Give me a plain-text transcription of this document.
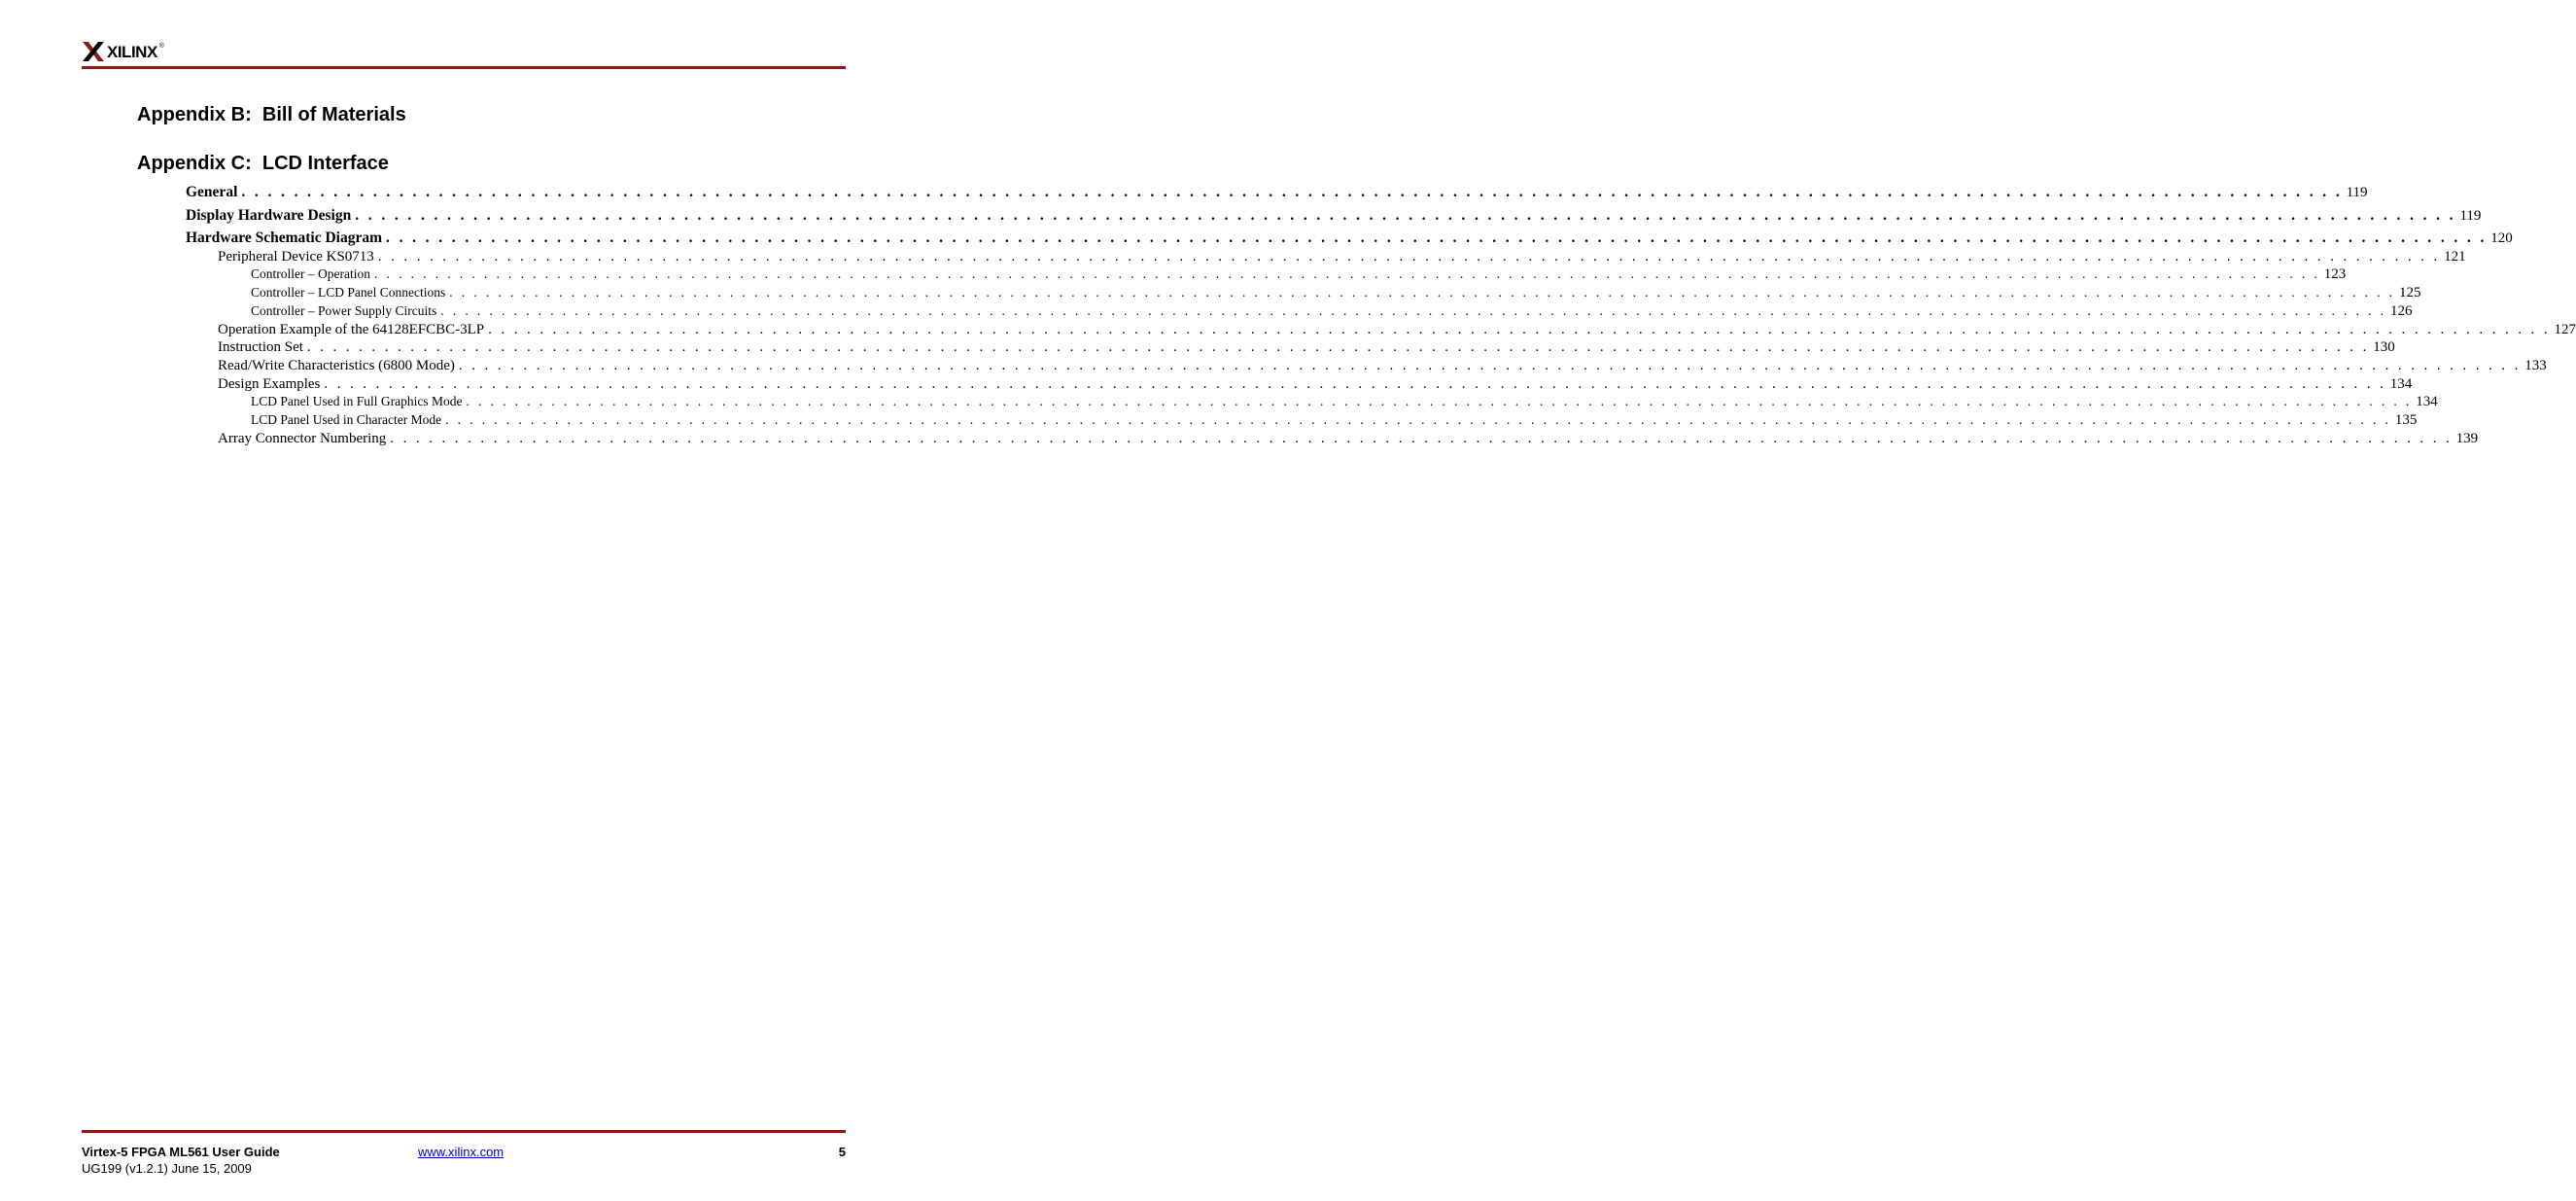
XILINX ®
Appendix B:  Bill of Materials
Appendix C:  LCD Interface
General . . . . . . . . . . . . . . . . . . . . . . . . . . . . . . . . . . . . . . . . . . . . . . . . . . . . . . . . . . . . . . . . . . . . . . . . . . . . . . . . . . . . . . . . . . . . . . . . . . . . . . . . . . . . . . . . . . . . . . . . . . . . . . . . . . . . . . . . . . . . . . . . . . . . . . . . . . . . . . . . 119
Display Hardware Design . . . . . . . . . . . . . . . . . . . . . . . . . . . . . . . . . . . . . . . . . . . . . . . . . . . . . . . . . . . . . . . . . . . . . . . . . . . . . . . . . . . . . . . . . . . . . . . . . . . . . . . . . . . . . . . . . . . . . . . . . . . . . . . . . . . . . . . . . . . . . . . . . . . . . . . . . . . . . . . . 119
Hardware Schematic Diagram . . . . . . . . . . . . . . . . . . . . . . . . . . . . . . . . . . . . . . . . . . . . . . . . . . . . . . . . . . . . . . . . . . . . . . . . . . . . . . . . . . . . . . . . . . . . . . . . . . . . . . . . . . . . . . . . . . . . . . . . . . . . . . . . . . . . . . . . . . . . . . . . . . . . . . . . . . . . . . . . 120
Peripheral Device KS0713 . . . . . . . . . . . . . . . . . . . . . . . . . . . . . . . . . . . . . . . . . . . . . . . . . . . . . . . . . . . . . . . . . . . . . . . . . . . . . . . . . . . . . . . . . . . . . . . . . . . . . . . . . . . . . . . . . . . . . . . . . . . . . . . . . . . . . . . . . . . . . . . . . . . . . . . . . . . . . . . . 121
Controller – Operation . . . . . . . . . . . . . . . . . . . . . . . . . . . . . . . . . . . . . . . . . . . . . . . . . . . . . . . . . . . . . . . . . . . . . . . . . . . . . . . . . . . . . . . . . . . . . . . . . . . . . . . . . . . . . . . . . . . . . . . . . . . . . . . . . . . . . . . . . . . . . . . . . . . . . . . . . . . . . . . . 123
Controller – LCD Panel Connections . . . . . . . . . . . . . . . . . . . . . . . . . . . . . . . . . . . . . . . . . . . . . . . . . . . . . . . . . . . . . . . . . . . . . . . . . . . . . . . . . . . . . . . . . . . . . . . . . . . . . . . . . . . . . . . . . . . . . . . . . . . . . . . . . . . . . . . . . . . . . . . . . . . . . . . . . . . . . . . . 125
Controller – Power Supply Circuits . . . . . . . . . . . . . . . . . . . . . . . . . . . . . . . . . . . . . . . . . . . . . . . . . . . . . . . . . . . . . . . . . . . . . . . . . . . . . . . . . . . . . . . . . . . . . . . . . . . . . . . . . . . . . . . . . . . . . . . . . . . . . . . . . . . . . . . . . . . . . . . . . . . . . . . . . . . . . . . . 126
Operation Example of the 64128EFCBC-3LP . . . . . . . . . . . . . . . . . . . . . . . . . . . . . . . . . . . . . . . . . . . . . . . . . . . . . . . . . . . . . . . . . . . . . . . . . . . . . . . . . . . . . . . . . . . . . . . . . . . . . . . . . . . . . . . . . . . . . . . . . . . . . . . . . . . . . . . . . . . . . . . . . . . . . . . . . . . . . . . . 127
Instruction Set . . . . . . . . . . . . . . . . . . . . . . . . . . . . . . . . . . . . . . . . . . . . . . . . . . . . . . . . . . . . . . . . . . . . . . . . . . . . . . . . . . . . . . . . . . . . . . . . . . . . . . . . . . . . . . . . . . . . . . . . . . . . . . . . . . . . . . . . . . . . . . . . . . . . . . . . . . . . . . . . 130
Read/Write Characteristics (6800 Mode) . . . . . . . . . . . . . . . . . . . . . . . . . . . . . . . . . . . . . . . . . . . . . . . . . . . . . . . . . . . . . . . . . . . . . . . . . . . . . . . . . . . . . . . . . . . . . . . . . . . . . . . . . . . . . . . . . . . . . . . . . . . . . . . . . . . . . . . . . . . . . . . . . . . . . . . . . . . . . . . . 133
Design Examples . . . . . . . . . . . . . . . . . . . . . . . . . . . . . . . . . . . . . . . . . . . . . . . . . . . . . . . . . . . . . . . . . . . . . . . . . . . . . . . . . . . . . . . . . . . . . . . . . . . . . . . . . . . . . . . . . . . . . . . . . . . . . . . . . . . . . . . . . . . . . . . . . . . . . . . . . . . . . . . . 134
LCD Panel Used in Full Graphics Mode . . . . . . . . . . . . . . . . . . . . . . . . . . . . . . . . . . . . . . . . . . . . . . . . . . . . . . . . . . . . . . . . . . . . . . . . . . . . . . . . . . . . . . . . . . . . . . . . . . . . . . . . . . . . . . . . . . . . . . . . . . . . . . . . . . . . . . . . . . . . . . . . . . . . . . . . . . . . . . . . 134
LCD Panel Used in Character Mode . . . . . . . . . . . . . . . . . . . . . . . . . . . . . . . . . . . . . . . . . . . . . . . . . . . . . . . . . . . . . . . . . . . . . . . . . . . . . . . . . . . . . . . . . . . . . . . . . . . . . . . . . . . . . . . . . . . . . . . . . . . . . . . . . . . . . . . . . . . . . . . . . . . . . . . . . . . . . . . . 135
Array Connector Numbering . . . . . . . . . . . . . . . . . . . . . . . . . . . . . . . . . . . . . . . . . . . . . . . . . . . . . . . . . . . . . . . . . . . . . . . . . . . . . . . . . . . . . . . . . . . . . . . . . . . . . . . . . . . . . . . . . . . . . . . . . . . . . . . . . . . . . . . . . . . . . . . . . . . . . . . . . . . . . . . . 139
Virtex-5 FPGA ML561 User Guide
UG199 (v1.2.1) June 15, 2009
www.xilinx.com	5
